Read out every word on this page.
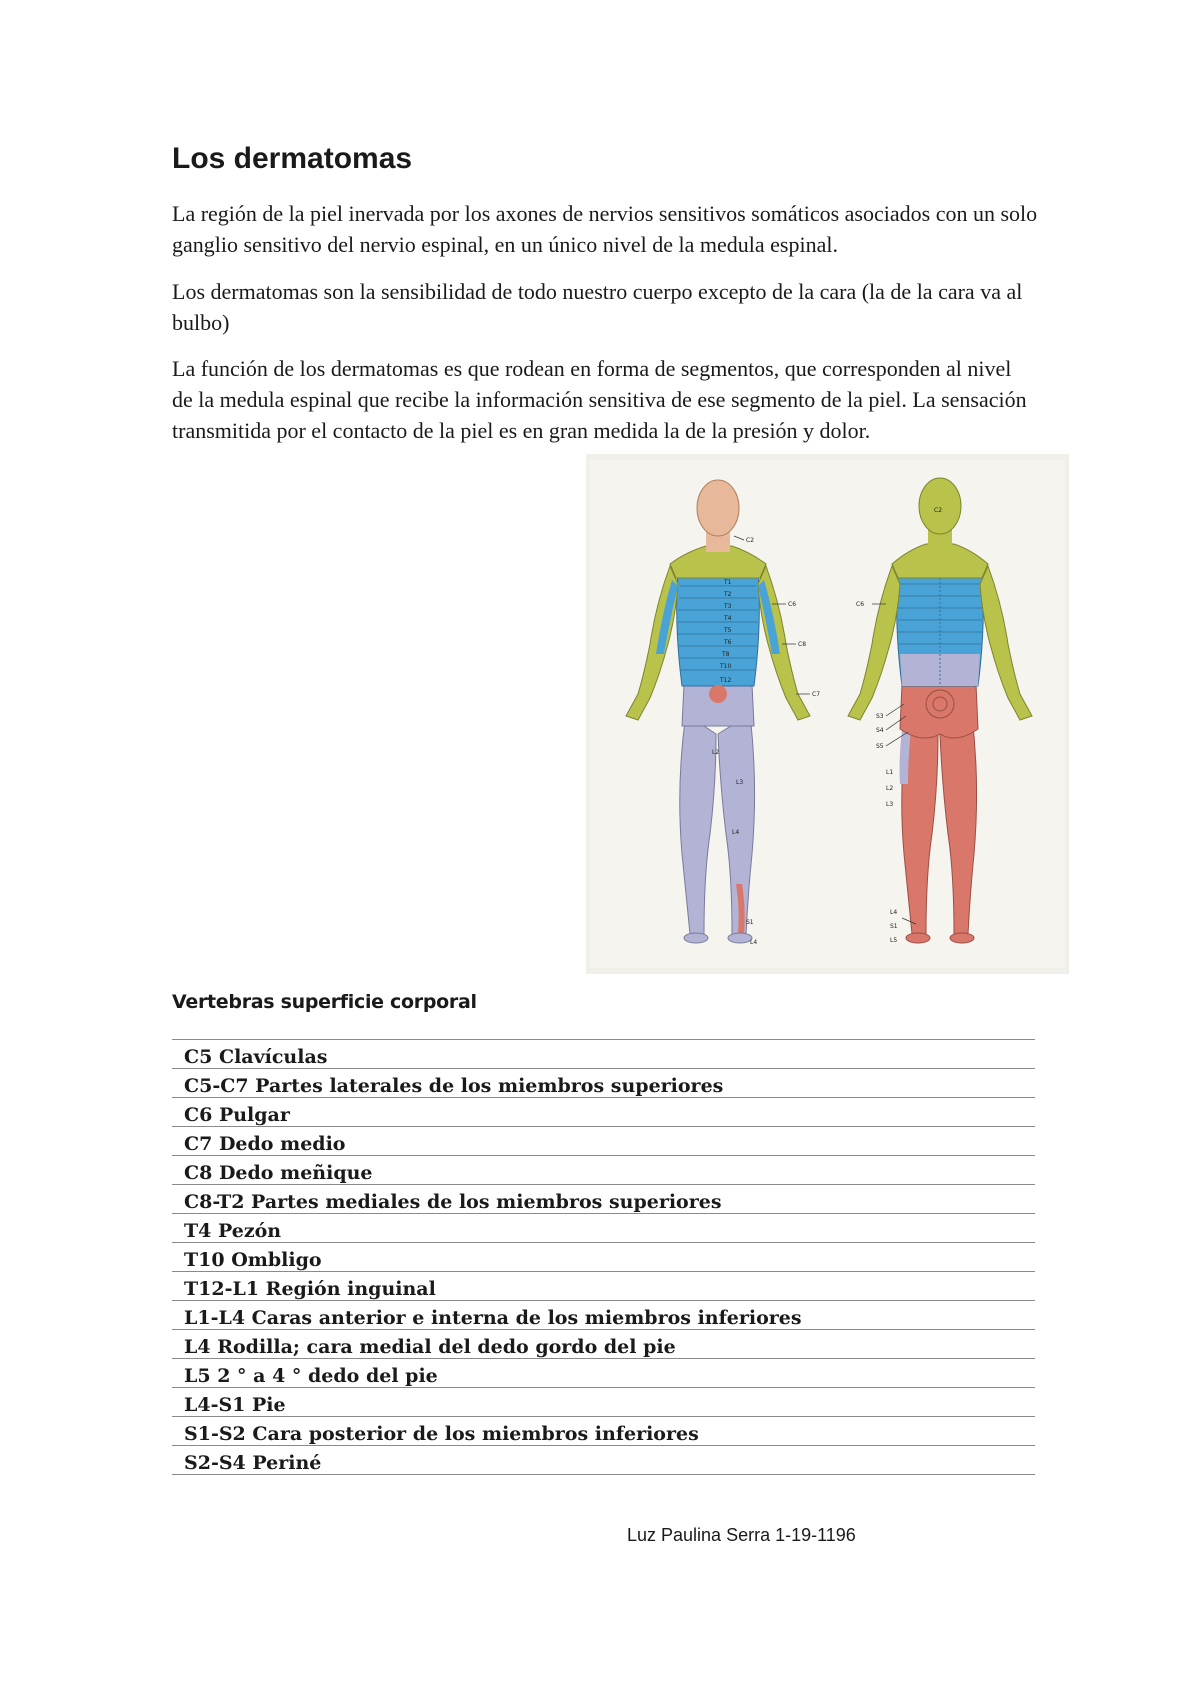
Los dermatomas

La región de la piel inervada por los axones de nervios sensitivos somáticos asociados con un solo ganglio sensitivo del nervio espinal, en un único nivel de la medula espinal.

Los dermatomas son la sensibilidad de todo nuestro cuerpo excepto de la cara (la de la cara va al bulbo)

La función de los dermatomas es que rodean en forma de segmentos, que corresponden al nivel de la medula espinal que recibe la información sensitiva de ese segmento de la piel. La sensación transmitida por el contacto de la piel es en gran medida la de la presión y dolor.

C2
T1
T2
T3
T4
T5
T6
T8
T10
T12
C6
C8
C7
L2
L3
L4
S1
L4
C6
C2
S3
S4
S5
L1
L2
L3
L4
S1
L5
Vertebras superficie corporal
C5 Clavículas
C5-C7 Partes laterales de los miembros superiores
C6 Pulgar
C7 Dedo medio
C8 Dedo meñique
C8-T2 Partes mediales de los miembros superiores
T4 Pezón
T10 Ombligo
T12-L1 Región inguinal
L1-L4 Caras anterior e interna de los miembros inferiores
L4 Rodilla; cara medial del dedo gordo del pie
L5 2 ° a 4 ° dedo del pie
L4-S1 Pie
S1-S2 Cara posterior de los miembros inferiores
S2-S4 Periné
Luz Paulina Serra 1-19-1196
